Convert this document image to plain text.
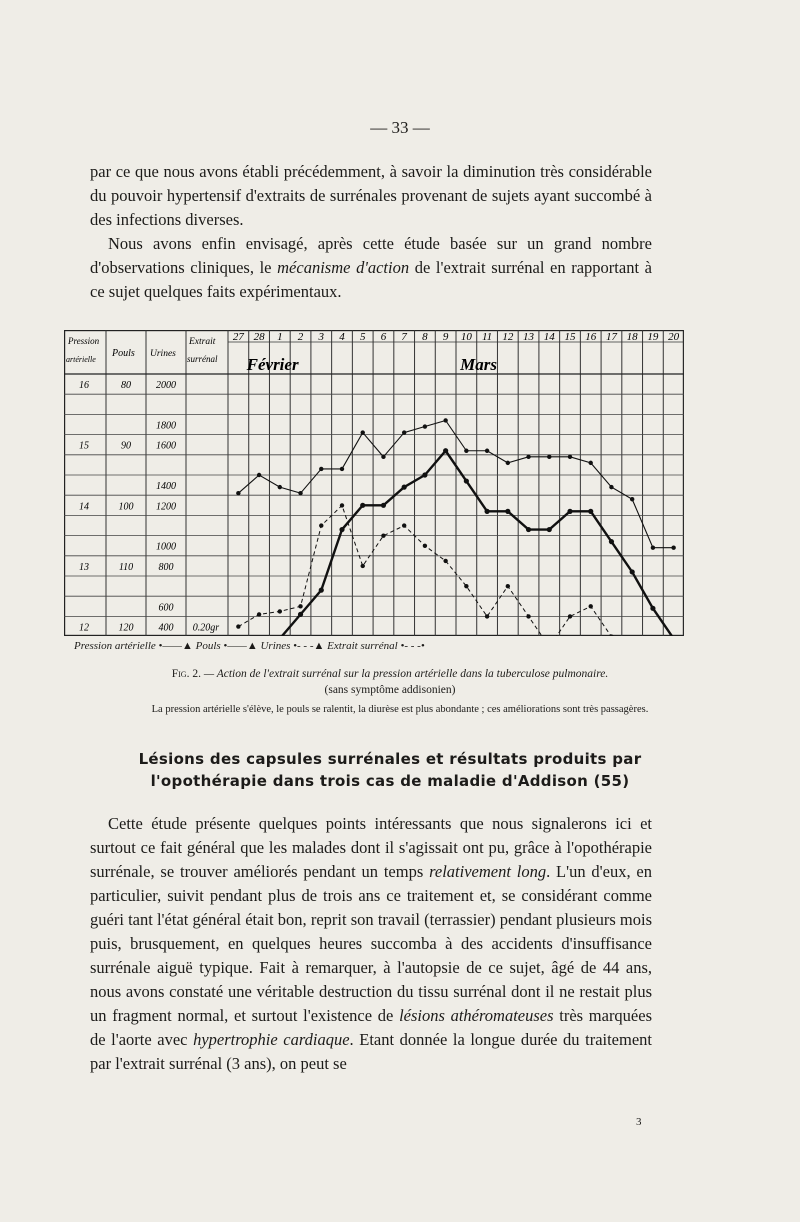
— 33 —

par ce que nous avons établi précédemment, à savoir la diminution très considérable du pouvoir hypertensif d'extraits de surrénales provenant de sujets ayant succombé à des infections diverses.

Nous avons enfin envisagé, après cette étude basée sur un grand nombre d'observations cliniques, le mécanisme d'action de l'extrait surrénal en rapportant à ce sujet quelques faits expérimentaux.

Pression
artérielle
Pouls Urines
Extrait
surrénal Février	Mars
27 28 1 2 3 4 5 6 7 8 9 10 11 12 13 14 15 16 17 18 19 20
16	80	2000
1800
15	90	1600
1400
14	100 1200
1000
13	110	800
600
12	120	400 0.20gr
Pression artérielle •——▲ Pouls •——▲ Urines •- - -▲ Extrait surrénal •- - -•
Fig. 2. — Action de l'extrait surrénal sur la pression artérielle dans la tuberculose pulmonaire.
(sans symptôme addisonien)
La pression artérielle s'élève, le pouls se ralentit, la diurèse est plus abondante ; ces améliorations sont très passagères.
Lésions des capsules surrénales et résultats produits par l'opothérapie dans trois cas de maladie d'Addison (55)

Cette étude présente quelques points intéressants que nous signalerons ici et surtout ce fait général que les malades dont il s'agissait ont pu, grâce à l'opothérapie surrénale, se trouver améliorés pendant un temps relativement long. L'un d'eux, en particulier, suivit pendant plus de trois ans ce traitement et, se considérant comme guéri tant l'état général était bon, reprit son travail (terrassier) pendant plusieurs mois puis, brusquement, en quelques heures succomba à des accidents d'insuffisance surrénale aiguë typique. Fait à remarquer, à l'autopsie de ce sujet, âgé de 44 ans, nous avons constaté une véritable destruction du tissu surrénal dont il ne restait plus un fragment normal, et surtout l'existence de lésions athéromateuses très marquées de l'aorte avec hypertrophie cardiaque. Etant donnée la longue durée du traitement par l'extrait surrénal (3 ans), on peut se

3
